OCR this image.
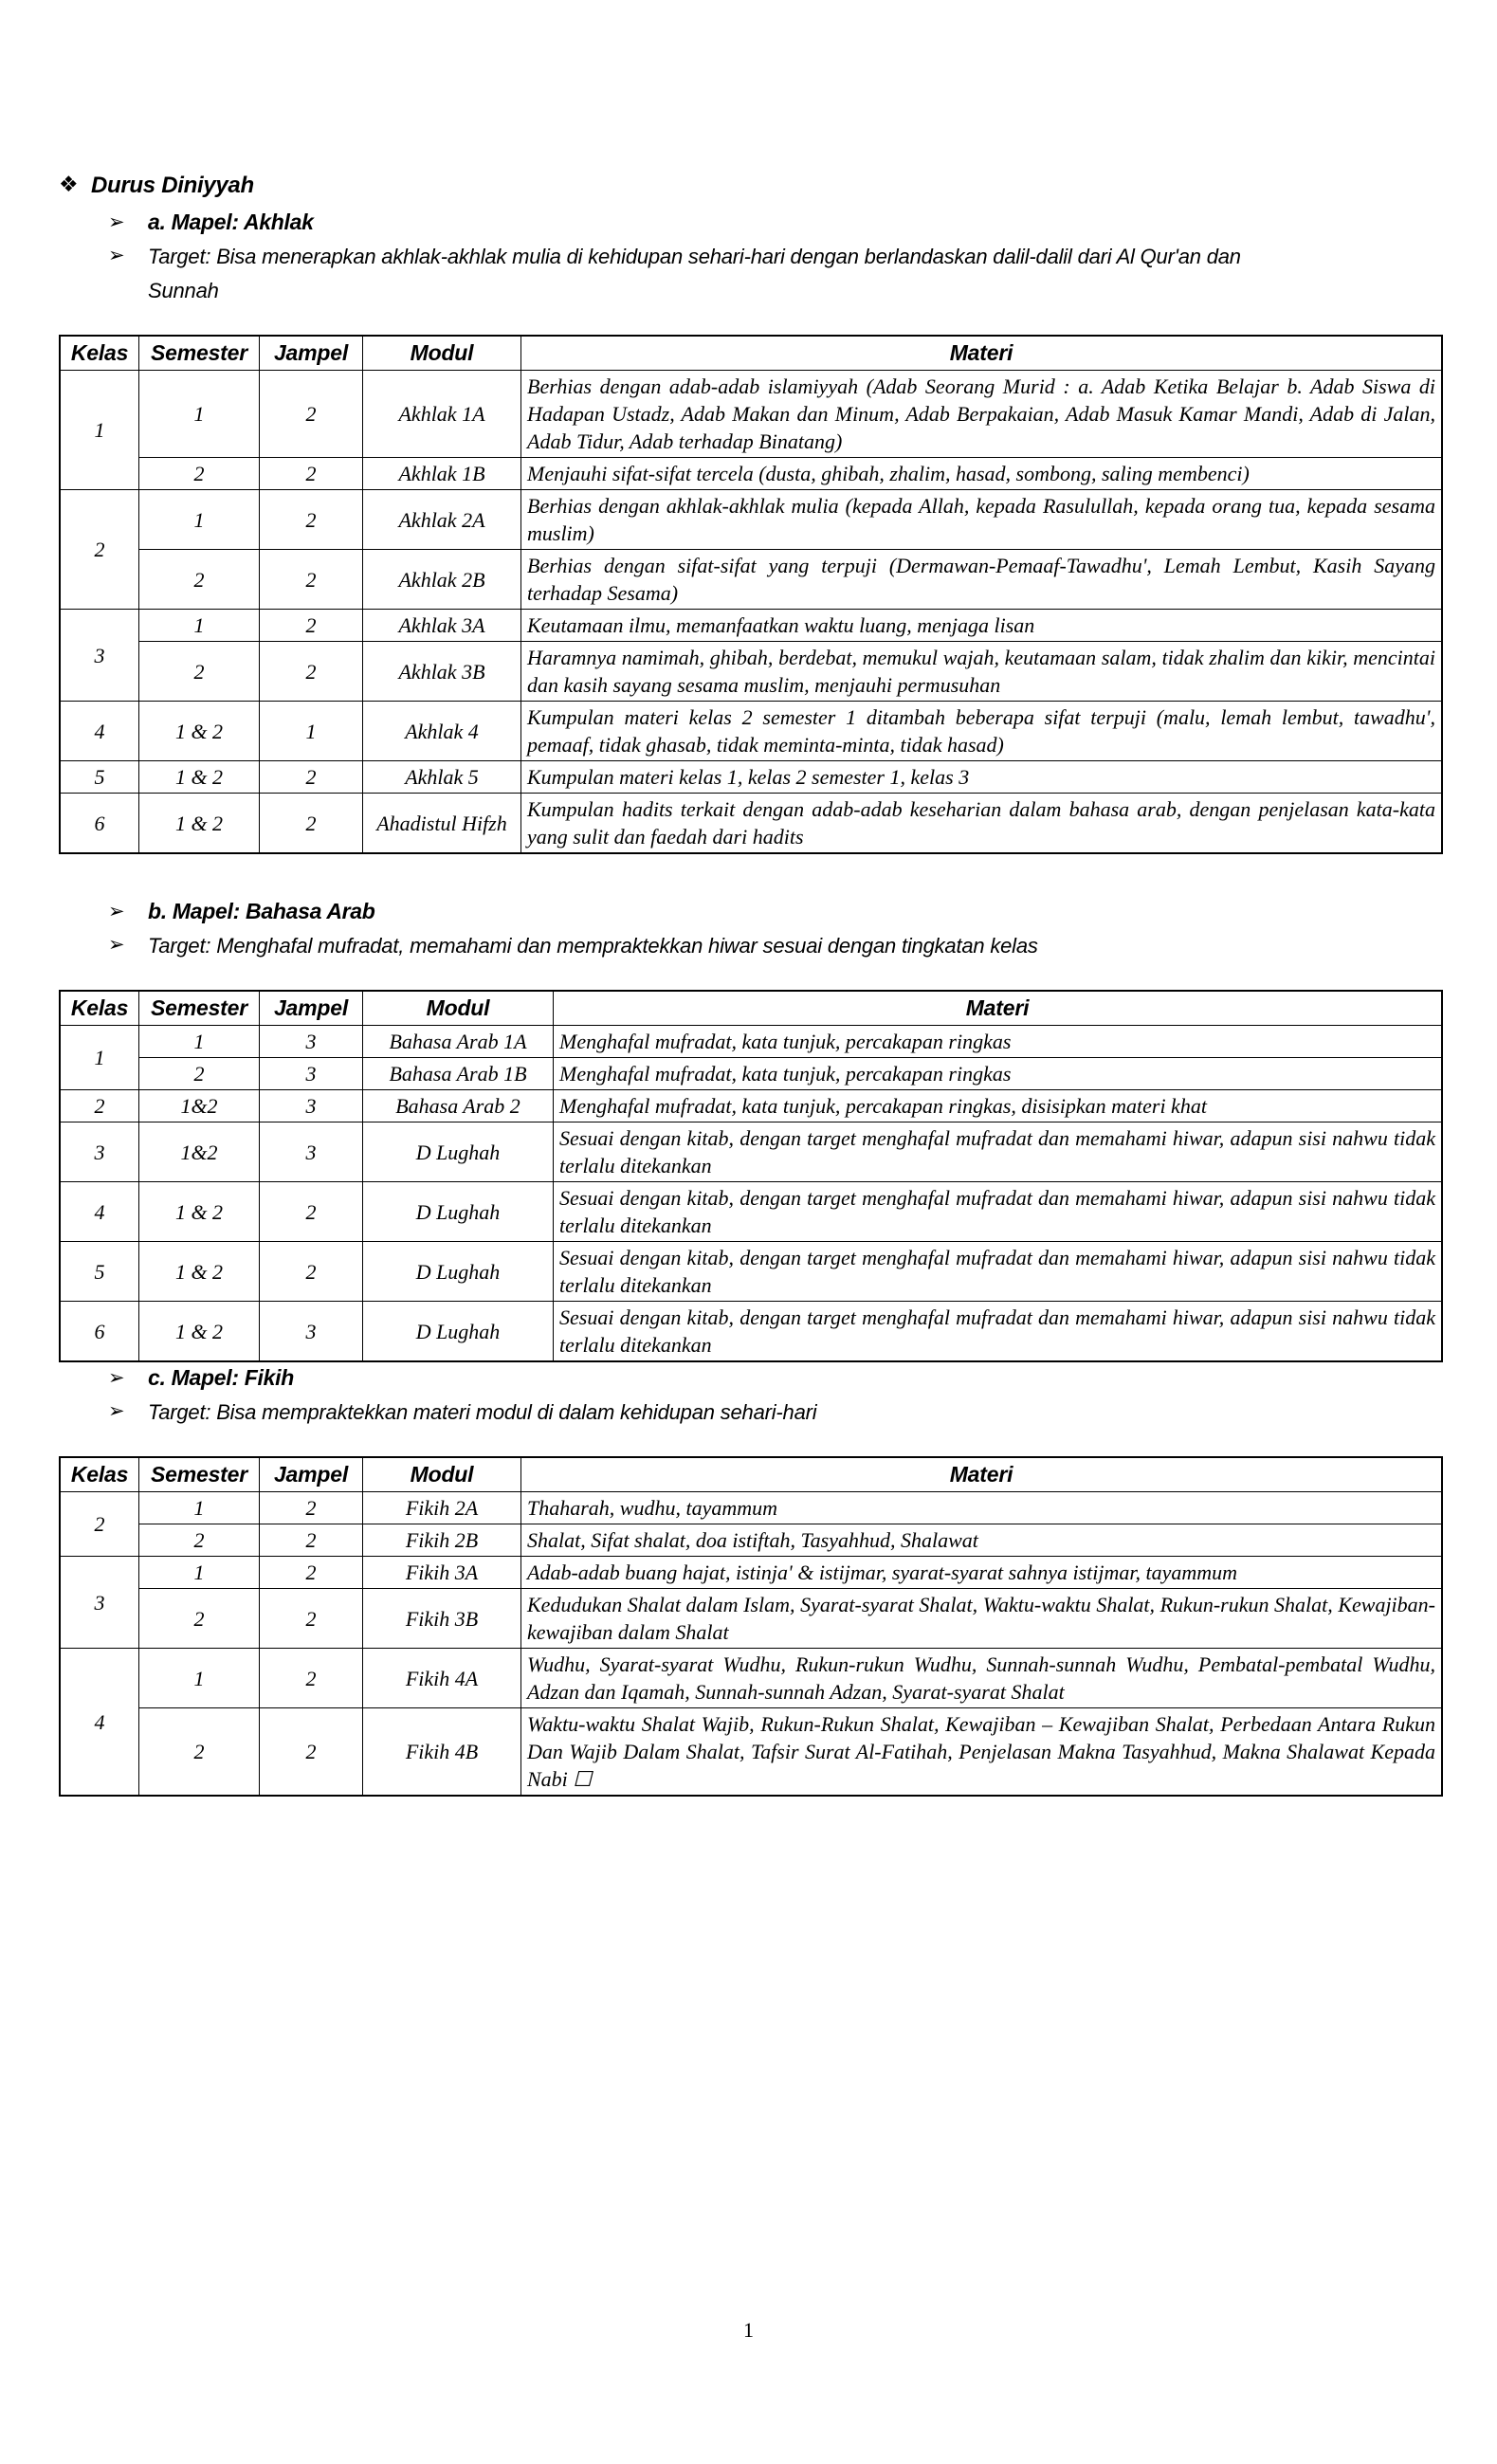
❖ Durus Diniyyah
➢	a. Mapel: Akhlak
➢	Target: Bisa menerapkan akhlak-akhlak mulia di kehidupan sehari-hari dengan berlandaskan dalil-dalil dari Al Qur'an dan Sunnah
Kelas	Semester	Jampel	Modul	Materi
1	1	2	Akhlak 1A	Berhias dengan adab-adab islamiyyah (Adab Seorang Murid : a. Adab Ketika Belajar b. Adab Siswa di Hadapan Ustadz, Adab Makan dan Minum, Adab Berpakaian, Adab Masuk Kamar Mandi, Adab di Jalan, Adab Tidur, Adab terhadap Binatang)
	2	2	Akhlak 1B	Menjauhi sifat-sifat tercela (dusta, ghibah, zhalim, hasad, sombong, saling membenci)
2	1	2	Akhlak 2A	Berhias dengan akhlak-akhlak mulia (kepada Allah, kepada Rasulullah, kepada orang tua, kepada sesama muslim)
	2	2	Akhlak 2B	Berhias dengan sifat-sifat yang terpuji (Dermawan-Pemaaf-Tawadhu', Lemah Lembut, Kasih Sayang terhadap Sesama)
3	1	2	Akhlak 3A	Keutamaan ilmu, memanfaatkan waktu luang, menjaga lisan
	2	2	Akhlak 3B	Haramnya namimah, ghibah, berdebat, memukul wajah, keutamaan salam, tidak zhalim dan kikir, mencintai dan kasih sayang sesama muslim, menjauhi permusuhan
4	1 & 2	1	Akhlak 4	Kumpulan materi kelas 2 semester 1 ditambah beberapa sifat terpuji (malu, lemah lembut, tawadhu', pemaaf, tidak ghasab, tidak meminta-minta, tidak hasad)
5	1 & 2	2	Akhlak 5	Kumpulan materi kelas 1, kelas 2 semester 1, kelas 3
6	1 & 2	2	Ahadistul Hifzh	Kumpulan hadits terkait dengan adab-adab keseharian dalam bahasa arab, dengan penjelasan kata-kata yang sulit dan faedah dari hadits
➢	b. Mapel: Bahasa Arab
➢	Target: Menghafal mufradat, memahami dan mempraktekkan hiwar sesuai dengan tingkatan kelas
Kelas	Semester	Jampel	Modul	Materi
1	1	3	Bahasa Arab 1A	Menghafal mufradat, kata tunjuk, percakapan ringkas
	2	3	Bahasa Arab 1B	Menghafal mufradat, kata tunjuk, percakapan ringkas
2	1&2	3	Bahasa Arab 2	Menghafal mufradat, kata tunjuk, percakapan ringkas, disisipkan materi khat
3	1&2	3	D Lughah	Sesuai dengan kitab, dengan target menghafal mufradat dan memahami hiwar, adapun sisi nahwu tidak terlalu ditekankan
4	1 & 2	2	D Lughah	Sesuai dengan kitab, dengan target menghafal mufradat dan memahami hiwar, adapun sisi nahwu tidak terlalu ditekankan
5	1 & 2	2	D Lughah	Sesuai dengan kitab, dengan target menghafal mufradat dan memahami hiwar, adapun sisi nahwu tidak terlalu ditekankan
6	1 & 2	3	D Lughah	Sesuai dengan kitab, dengan target menghafal mufradat dan memahami hiwar, adapun sisi nahwu tidak terlalu ditekankan
➢	c. Mapel: Fikih
➢	Target: Bisa mempraktekkan materi modul di dalam kehidupan sehari-hari
Kelas	Semester	Jampel	Modul	Materi
2	1	2	Fikih 2A	Thaharah, wudhu, tayammum
	2	2	Fikih 2B	Shalat, Sifat shalat, doa istiftah, Tasyahhud, Shalawat
3	1	2	Fikih 3A	Adab-adab buang hajat, istinja' & istijmar, syarat-syarat sahnya istijmar, tayammum
	2	2	Fikih 3B	Kedudukan Shalat dalam Islam, Syarat-syarat Shalat, Waktu-waktu Shalat, Rukun-rukun Shalat, Kewajiban-kewajiban dalam Shalat
4	1	2	Fikih 4A	Wudhu, Syarat-syarat Wudhu, Rukun-rukun Wudhu, Sunnah-sunnah Wudhu, Pembatal-pembatal Wudhu, Adzan dan Iqamah, Sunnah-sunnah Adzan, Syarat-syarat Shalat
	2	2	Fikih 4B	Waktu-waktu Shalat Wajib, Rukun-Rukun Shalat, Kewajiban – Kewajiban Shalat, Perbedaan Antara Rukun Dan Wajib Dalam Shalat, Tafsir Surat Al-Fatihah, Penjelasan Makna Tasyahhud, Makna Shalawat Kepada Nabi ☐
1
